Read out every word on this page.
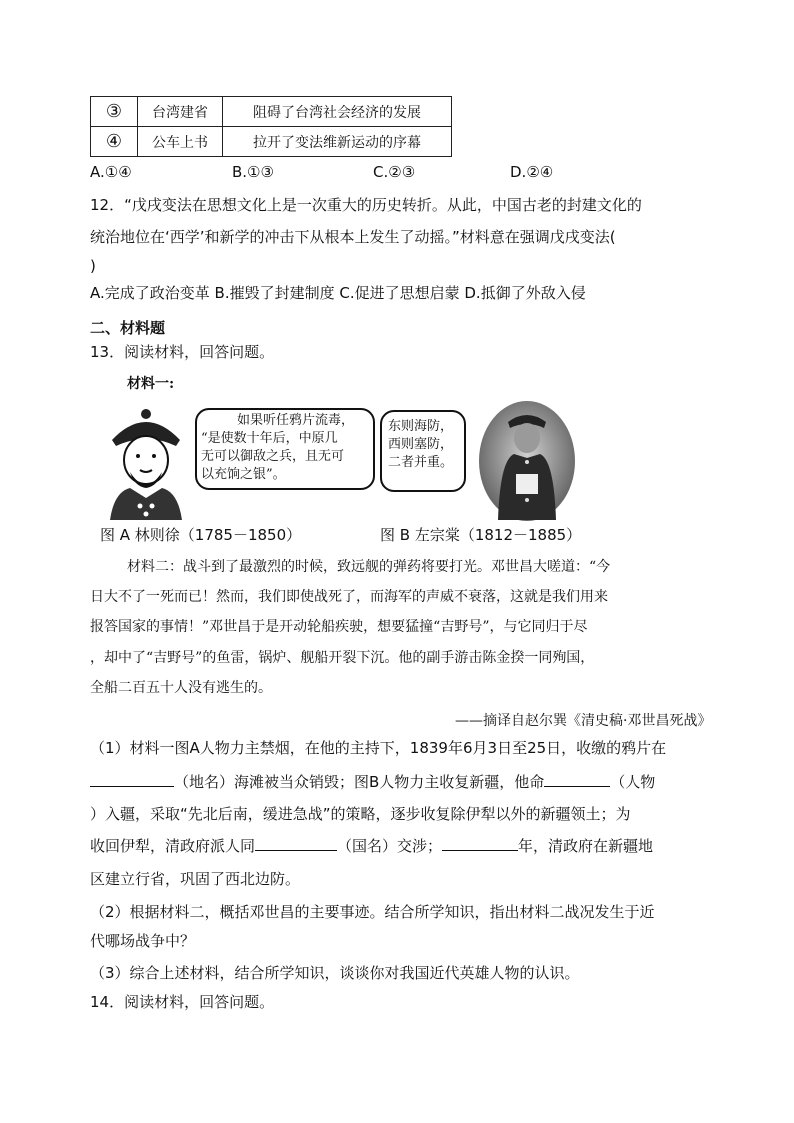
③	台湾建省	阻碍了台湾社会经济的发展
④	公车上书	拉开了变法维新运动的序幕
A.①④	B.①③	C.②③	D.②④
12．“戊戌变法在思想文化上是一次重大的历史转折。从此，中国古老的封建文化的
统治地位在‘西学’和新学的冲击下从根本上发生了动摇。”材料意在强调戊戌变法(
)
A.完成了政治变革 B.摧毁了封建制度 C.促进了思想启蒙 D.抵御了外敌入侵
二、材料题
13．阅读材料，回答问题。
材料一:
如果听任鸦片流毒，
“是使数十年后，中原几
无可以御敌之兵，且无可
以充饷之银”。
东则海防，
西则塞防，
二者并重。
图 A 林则徐（1785－1850）	图 B 左宗棠（1812－1885）
材料二：战斗到了最激烈的时候，致远舰的弹药将要打光。邓世昌大嗟道：“今
日大不了一死而已！然而，我们即使战死了，而海军的声威不衰落，这就是我们用来
报答国家的事情！”邓世昌于是开动轮船疾驶，想要猛撞“吉野号”，与它同归于尽
，却中了“吉野号”的鱼雷，锅炉、舰船开裂下沉。他的副手游击陈金揆一同殉国，
全船二百五十人没有逃生的。
——摘译自赵尔巽《清史稿·邓世昌死战》
（1）材料一图A人物力主禁烟，在他的主持下，1839年6月3日至25日，收缴的鸦片在
（地名）海滩被当众销毁；图B人物力主收复新疆，他命	（人物
）入疆，采取“先北后南，缓进急战”的策略，逐步收复除伊犁以外的新疆领土；为
收回伊犁，清政府派人同	（国名）交涉；	年，清政府在新疆地
区建立行省，巩固了西北边防。
（2）根据材料二，概括邓世昌的主要事迹。结合所学知识，指出材料二战况发生于近
代哪场战争中？
（3）综合上述材料，结合所学知识，谈谈你对我国近代英雄人物的认识。
14．阅读材料，回答问题。
